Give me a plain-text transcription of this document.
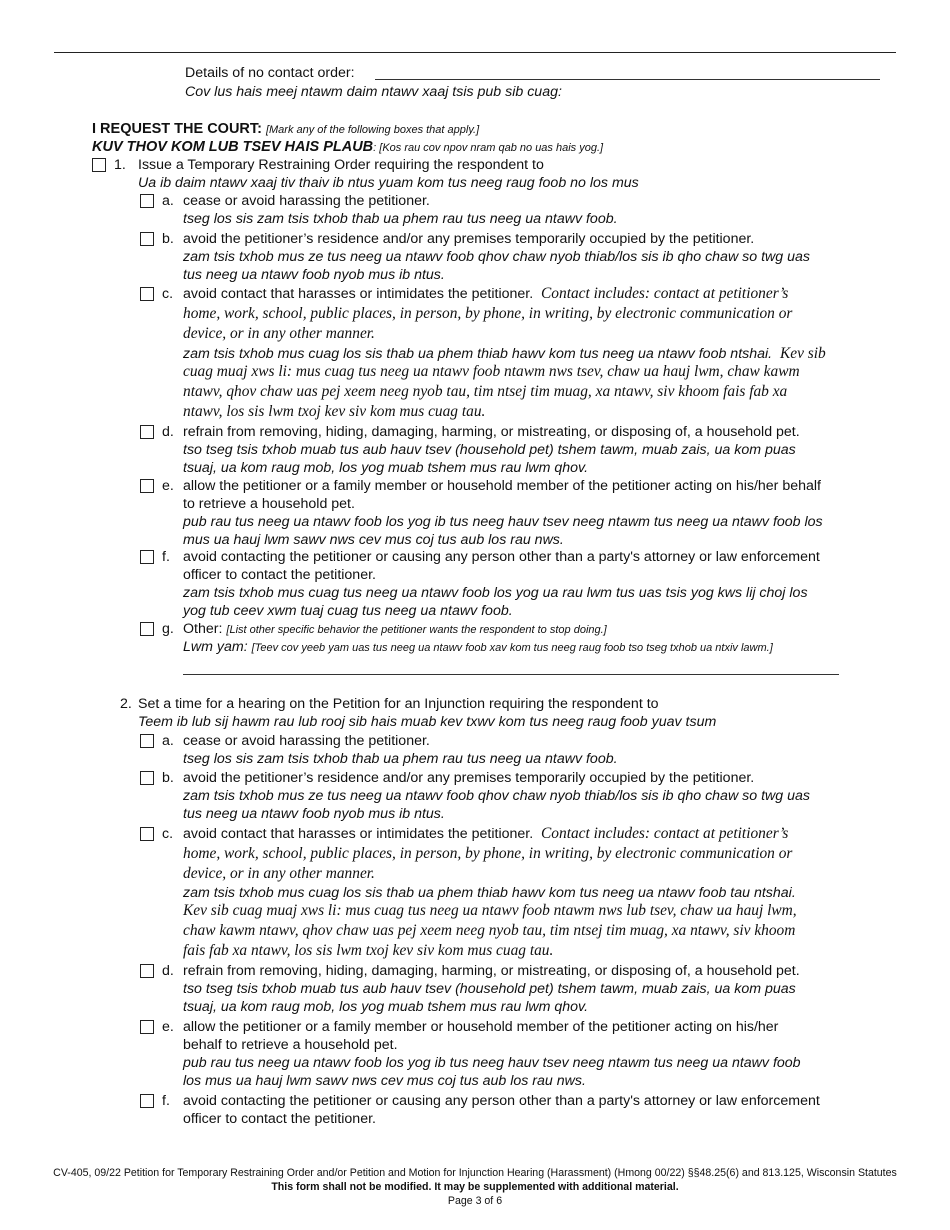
Details of no contact order:
Cov lus hais meej ntawm daim ntawv xaaj tsis pub sib cuag:
I REQUEST THE COURT: [Mark any of the following boxes that apply.]
KUV THOV KOM LUB TSEV HAIS PLAUB: [Kos rau cov npov nram qab no uas hais yog.]
1. Issue a Temporary Restraining Order requiring the respondent to
Ua ib daim ntawv xaaj tiv thaiv ib ntus yuam kom tus neeg raug foob no los mus
a. cease or avoid harassing the petitioner.
tseg los sis zam tsis txhob thab ua phem rau tus neeg ua ntawv foob.
b. avoid the petitioner’s residence and/or any premises temporarily occupied by the petitioner.
zam tsis txhob mus ze tus neeg ua ntawv foob qhov chaw nyob thiab/los sis ib qho chaw so twg uas
tus neeg ua ntawv foob nyob mus ib ntus.
c. avoid contact that harasses or intimidates the petitioner. Contact includes: contact at petitioner’s
home, work, school, public places, in person, by phone, in writing, by electronic communication or
device, or in any other manner.
zam tsis txhob mus cuag los sis thab ua phem thiab hawv kom tus neeg ua ntawv foob ntshai. Kev sib
cuag muaj xws li: mus cuag tus neeg ua ntawv foob ntawm nws tsev, chaw ua hauj lwm, chaw kawm
ntawv, qhov chaw uas pej xeem neeg nyob tau, tim ntsej tim muag, xa ntawv, siv khoom fais fab xa
ntawv, los sis lwm txoj kev siv kom mus cuag tau.
d. refrain from removing, hiding, damaging, harming, or mistreating, or disposing of, a household pet.
tso tseg tsis txhob muab tus aub hauv tsev (household pet) tshem tawm, muab zais, ua kom puas
tsuaj, ua kom raug mob, los yog muab tshem mus rau lwm qhov.
e. allow the petitioner or a family member or household member of the petitioner acting on his/her behalf
to retrieve a household pet.
pub rau tus neeg ua ntawv foob los yog ib tus neeg hauv tsev neeg ntawm tus neeg ua ntawv foob los
mus ua hauj lwm sawv nws cev mus coj tus aub los rau nws.
f. avoid contacting the petitioner or causing any person other than a party's attorney or law enforcement
officer to contact the petitioner.
zam tsis txhob mus cuag tus neeg ua ntawv foob los yog ua rau lwm tus uas tsis yog kws lij choj los
yog tub ceev xwm tuaj cuag tus neeg ua ntawv foob.
g. Other: [List other specific behavior the petitioner wants the respondent to stop doing.]
Lwm yam: [Teev cov yeeb yam uas tus neeg ua ntawv foob xav kom tus neeg raug foob tso tseg txhob ua ntxiv lawm.]
2. Set a time for a hearing on the Petition for an Injunction requiring the respondent to
Teem ib lub sij hawm rau lub rooj sib hais muab kev txwv kom tus neeg raug foob yuav tsum
a. cease or avoid harassing the petitioner.
tseg los sis zam tsis txhob thab ua phem rau tus neeg ua ntawv foob.
b. avoid the petitioner’s residence and/or any premises temporarily occupied by the petitioner.
zam tsis txhob mus ze tus neeg ua ntawv foob qhov chaw nyob thiab/los sis ib qho chaw so twg uas
tus neeg ua ntawv foob nyob mus ib ntus.
c. avoid contact that harasses or intimidates the petitioner. Contact includes: contact at petitioner’s
home, work, school, public places, in person, by phone, in writing, by electronic communication or
device, or in any other manner.
zam tsis txhob mus cuag los sis thab ua phem thiab hawv kom tus neeg ua ntawv foob tau ntshai.
Kev sib cuag muaj xws li: mus cuag tus neeg ua ntawv foob ntawm nws lub tsev, chaw ua hauj lwm,
chaw kawm ntawv, qhov chaw uas pej xeem neeg nyob tau, tim ntsej tim muag, xa ntawv, siv khoom
fais fab xa ntawv, los sis lwm txoj kev siv kom mus cuag tau.
d. refrain from removing, hiding, damaging, harming, or mistreating, or disposing of, a household pet.
tso tseg tsis txhob muab tus aub hauv tsev (household pet) tshem tawm, muab zais, ua kom puas
tsuaj, ua kom raug mob, los yog muab tshem mus rau lwm qhov.
e. allow the petitioner or a family member or household member of the petitioner acting on his/her
behalf to retrieve a household pet.
pub rau tus neeg ua ntawv foob los yog ib tus neeg hauv tsev neeg ntawm tus neeg ua ntawv foob
los mus ua hauj lwm sawv nws cev mus coj tus aub los rau nws.
f. avoid contacting the petitioner or causing any person other than a party's attorney or law enforcement
officer to contact the petitioner.
CV-405, 09/22 Petition for Temporary Restraining Order and/or Petition and Motion for Injunction Hearing (Harassment) (Hmong 00/22) §§48.25(6) and 813.125, Wisconsin Statutes
This form shall not be modified. It may be supplemented with additional material.
Page 3 of 6
